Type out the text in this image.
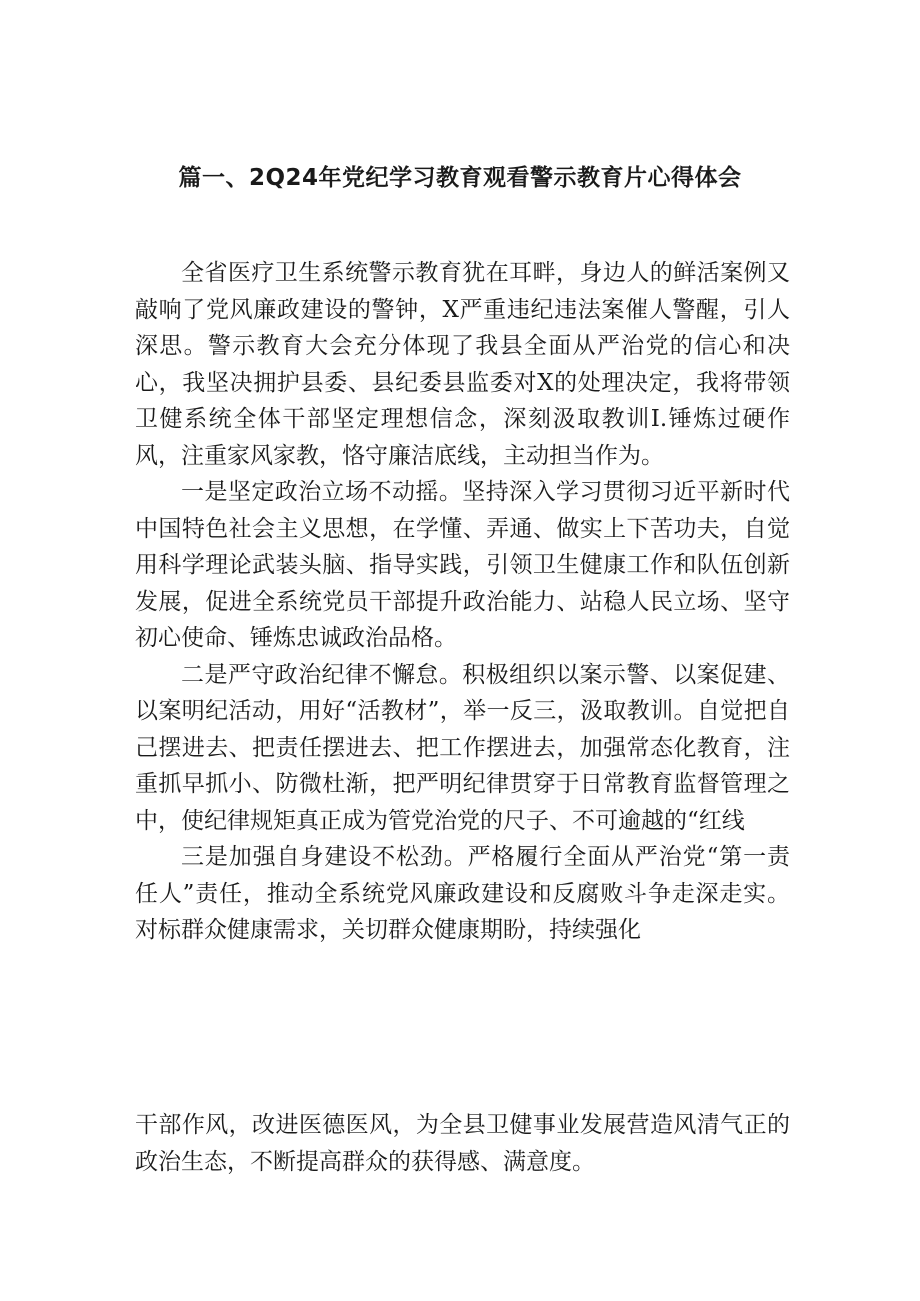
篇一、2Q24年党纪学习教育观看警示教育片心得体会

全省医疗卫生系统警示教育犹在耳畔，身边人的鲜活案例又敲响了党风廉政建设的警钟，X严重违纪违法案催人警醒，引人深思。警示教育大会充分体现了我县全面从严治党的信心和决心，我坚决拥护县委、县纪委县监委对X的处理决定，我将带领卫健系统全体干部坚定理想信念，深刻汲取教训I.锤炼过硬作风，注重家风家教，恪守廉洁底线，主动担当作为。

一是坚定政治立场不动摇。坚持深入学习贯彻习近平新时代中国特色社会主义思想，在学懂、弄通、做实上下苦功夫，自觉用科学理论武装头脑、指导实践，引领卫生健康工作和队伍创新发展，促进全系统党员干部提升政治能力、站稳人民立场、坚守初心使命、锤炼忠诚政治品格。

二是严守政治纪律不懈怠。积极组织以案示警、以案促建、以案明纪活动，用好“活教材”，举一反三，汲取教训。自觉把自己摆进去、把责任摆进去、把工作摆进去，加强常态化教育，注重抓早抓小、防微杜渐，把严明纪律贯穿于日常教育监督管理之中，使纪律规矩真正成为管党治党的尺子、不可逾越的“红线

三是加强自身建设不松劲。严格履行全面从严治党“第一责任人”责任，推动全系统党风廉政建设和反腐败斗争走深走实。对标群众健康需求，关切群众健康期盼，持续强化

干部作风，改进医德医风，为全县卫健事业发展营造风清气正的政治生态，不断提高群众的获得感、满意度。
